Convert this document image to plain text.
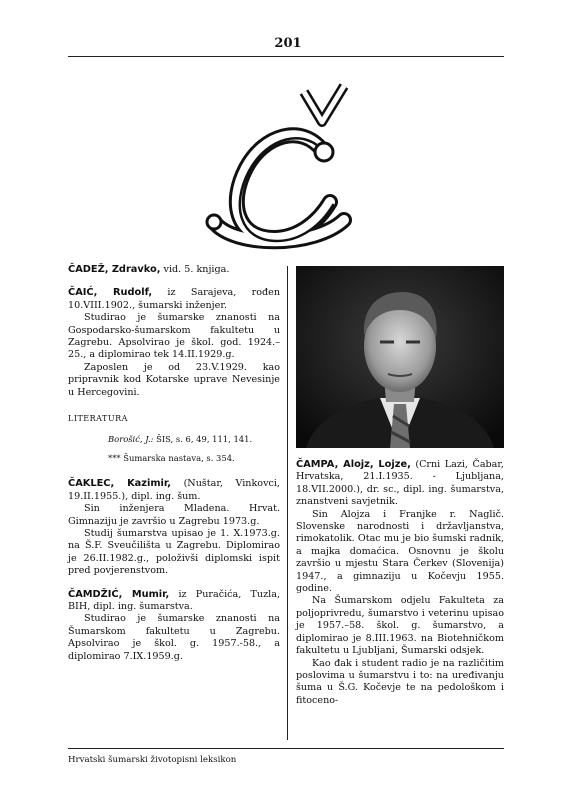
201

ČADEŽ, Zdravko, vid. 5. knjiga.

ČAIĆ, Rudolf, iz Sarajeva, rođen 10.VIII.1902., šumarski inženjer.

Studirao je šumarske znanosti na Gospodarsko-šumarskom fakultetu u Zagrebu. Apsolvirao je škol. god. 1924.–25., a diplomirao tek 14.II.1929.g.

Zaposlen je od 23.V.1929. kao pripravnik kod Kotarske uprave Nevesinje u Hercegovini.

LITERATURA

Borošić, J.: ŠIS, s. 6, 49, 111, 141.

*** Šumarska nastava, s. 354.

ČAKLEC, Kazimir, (Nuštar, Vinkovci, 19.II.1955.), dipl. ing. šum.

Sin inženjera Mladena. Hrvat. Gimnaziju je završio u Zagrebu 1973.g.

Studij šumarstva upisao je 1. X.1973.g. na Š.F. Sveučilišta u Zagrebu. Diplomirao je 26.II.1982.g., položivši diplomski ispit pred povjerenstvom.

ČAMDŽIĆ, Mumir, iz Puračića, Tuzla, BIH, dipl. ing. šumarstva.

Studirao je šumarske znanosti na Šumarskom fakultetu u Zagrebu. Apsolvirao je škol. g. 1957.-58., a diplomirao 7.IX.1959.g.

ČAMPA, Alojz, Lojze, (Crni Lazi, Čabar, Hrvatska, 21.I.1935. - Ljubljana, 18.VII.2000.), dr. sc., dipl. ing. šumarstva, znanstveni savjetnik.

Sin Alojza i Franjke r. Naglič. Slovenske narodnosti i državljanstva, rimokatolik. Otac mu je bio šumski radnik, a majka domaćica. Osnovnu je školu završio u mjestu Stara Čerkev (Slovenija) 1947., a gimnaziju u Kočevju 1955. godine.

Na Šumarskom odjelu Fakulteta za poljoprivredu, šumarstvo i veterinu upisao je 1957.–58. škol. g. šumarstvo, a diplomirao je 8.III.1963. na Biotehničkom fakultetu u Ljubljani, Šumarski odsjek.

Kao đak i student radio je na različitim poslovima u šumarstvu i to: na uređivanju šuma u Š.G. Kočevje te na pedološkom i fitoceno-

Hrvatski šumarski životopisni leksikon
